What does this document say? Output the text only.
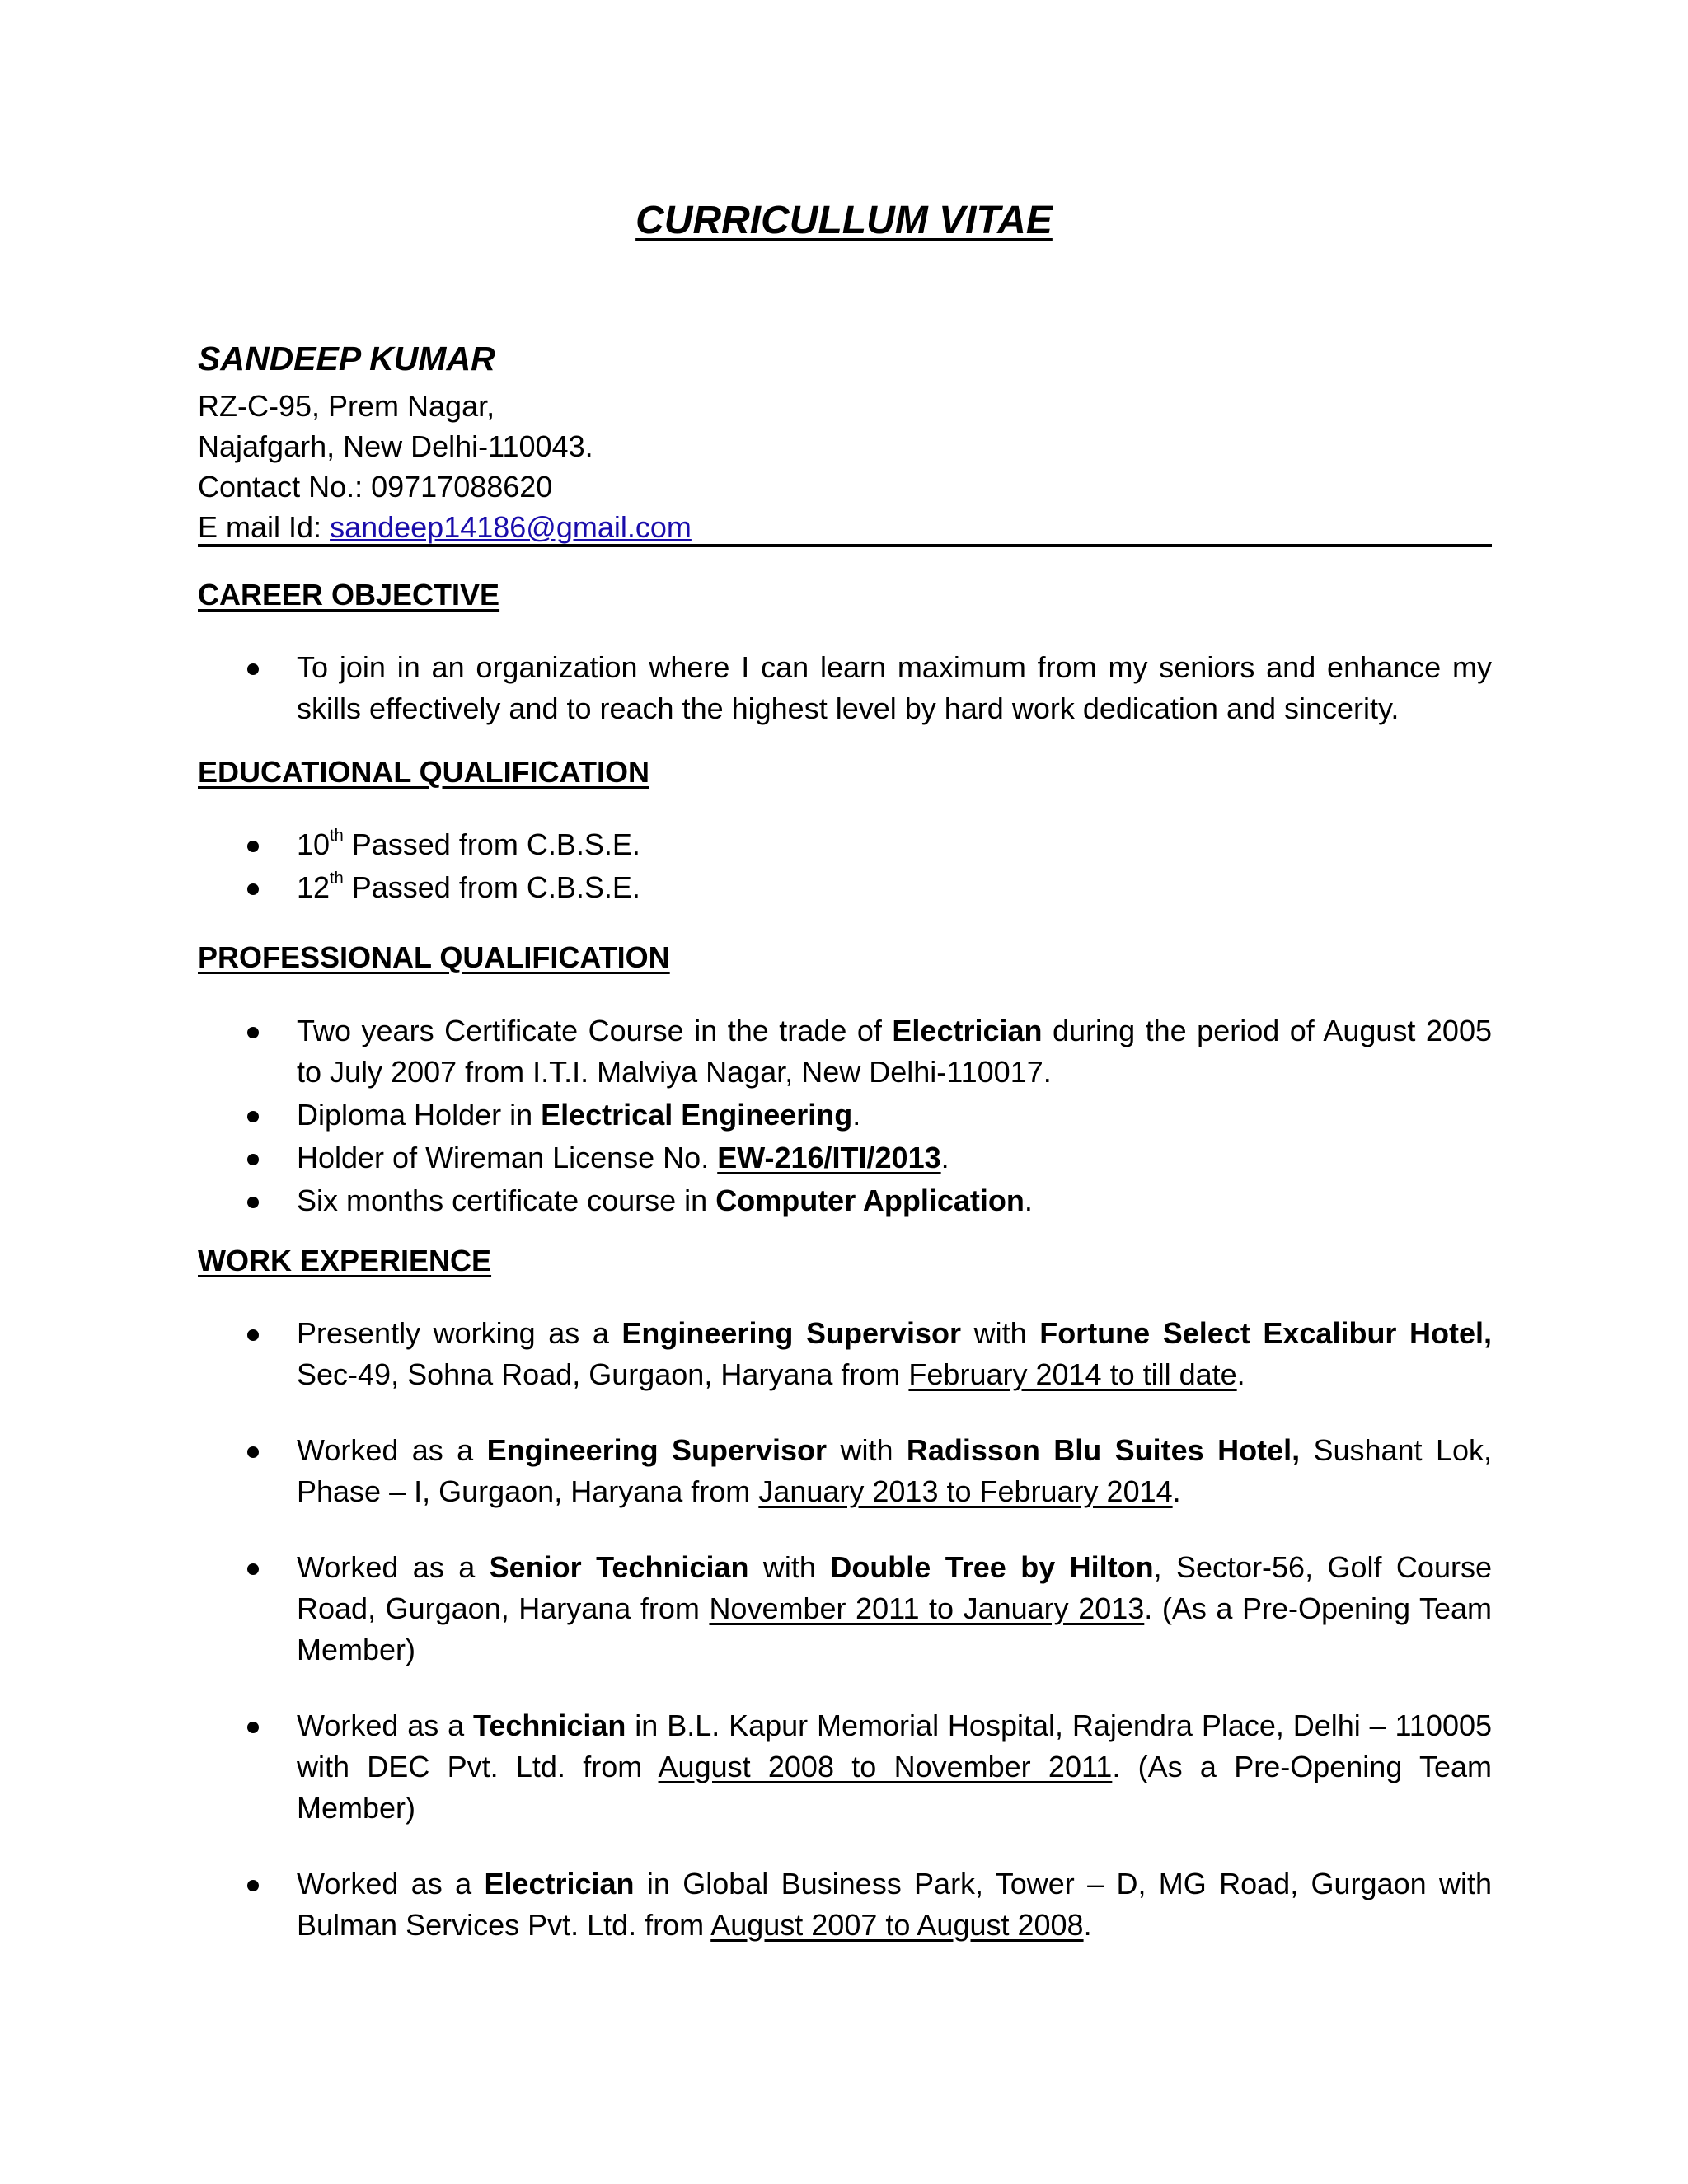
CURRICULLUM VITAE

SANDEEP KUMAR

RZ-C-95, Prem Nagar,

Najafgarh, New Delhi-110043.

Contact No.: 09717088620

E mail Id: sandeep14186@gmail.com

CAREER OBJECTIVE

To join in an organization where I can learn maximum from my seniors and enhance my skills effectively and to reach the highest level by hard work dedication and sincerity.

EDUCATIONAL QUALIFICATION

10th Passed from C.B.S.E.
12th Passed from C.B.S.E.

PROFESSIONAL QUALIFICATION

Two years Certificate Course in the trade of Electrician during the period of August 2005 to July 2007 from I.T.I. Malviya Nagar, New Delhi-110017.
Diploma Holder in Electrical Engineering.
Holder of Wireman License No. EW-216/ITI/2013.
Six months certificate course in Computer Application.

WORK EXPERIENCE

Presently working as a Engineering Supervisor with Fortune Select Excalibur Hotel, Sec-49, Sohna Road, Gurgaon, Haryana from February 2014 to till date.
Worked as a Engineering Supervisor with Radisson Blu Suites Hotel, Sushant Lok, Phase – I, Gurgaon, Haryana from January 2013 to February 2014.
Worked as a Senior Technician with Double Tree by Hilton, Sector-56, Golf Course Road, Gurgaon, Haryana from November 2011 to January 2013. (As a Pre-Opening Team Member)
Worked as a Technician in B.L. Kapur Memorial Hospital, Rajendra Place, Delhi – 110005 with DEC Pvt. Ltd. from August 2008 to November 2011. (As a Pre-Opening Team Member)
Worked as a Electrician in Global Business Park, Tower – D, MG Road, Gurgaon with Bulman Services Pvt. Ltd. from August 2007 to August 2008.
